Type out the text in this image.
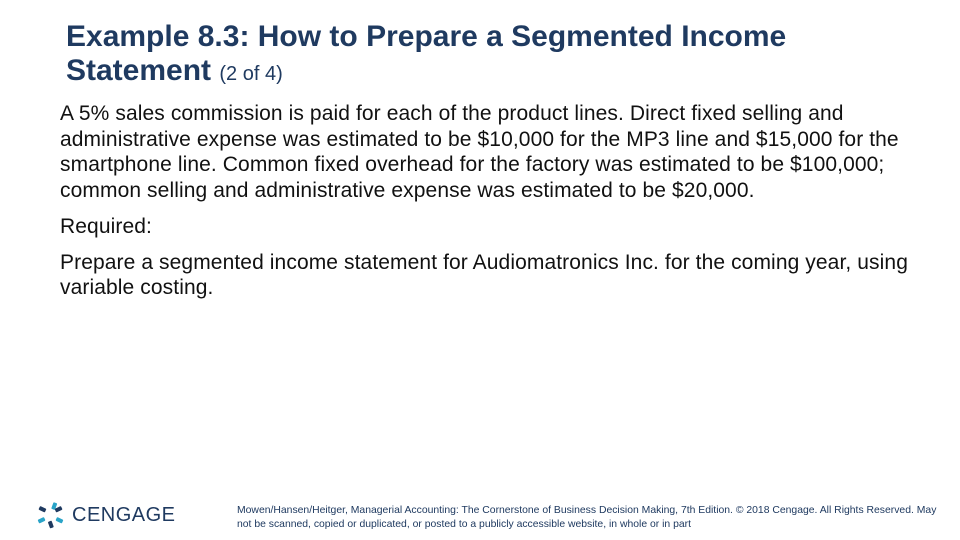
Example 8.3: How to Prepare a Segmented Income Statement (2 of 4)

A 5% sales commission is paid for each of the product lines. Direct fixed selling and administrative expense was estimated to be $10,000 for the MP3 line and $15,000 for the smartphone line. Common fixed overhead for the factory was estimated to be $100,000; common selling and administrative expense was estimated to be $20,000.

Required:

Prepare a segmented income statement for Audiomatronics Inc. for the coming year, using variable costing.

CENGAGE	Mowen/Hansen/Heitger, Managerial Accounting: The Cornerstone of Business Decision Making, 7th Edition. © 2018 Cengage. All Rights Reserved. May not be scanned, copied or duplicated, or posted to a publicly accessible website, in whole or in part
